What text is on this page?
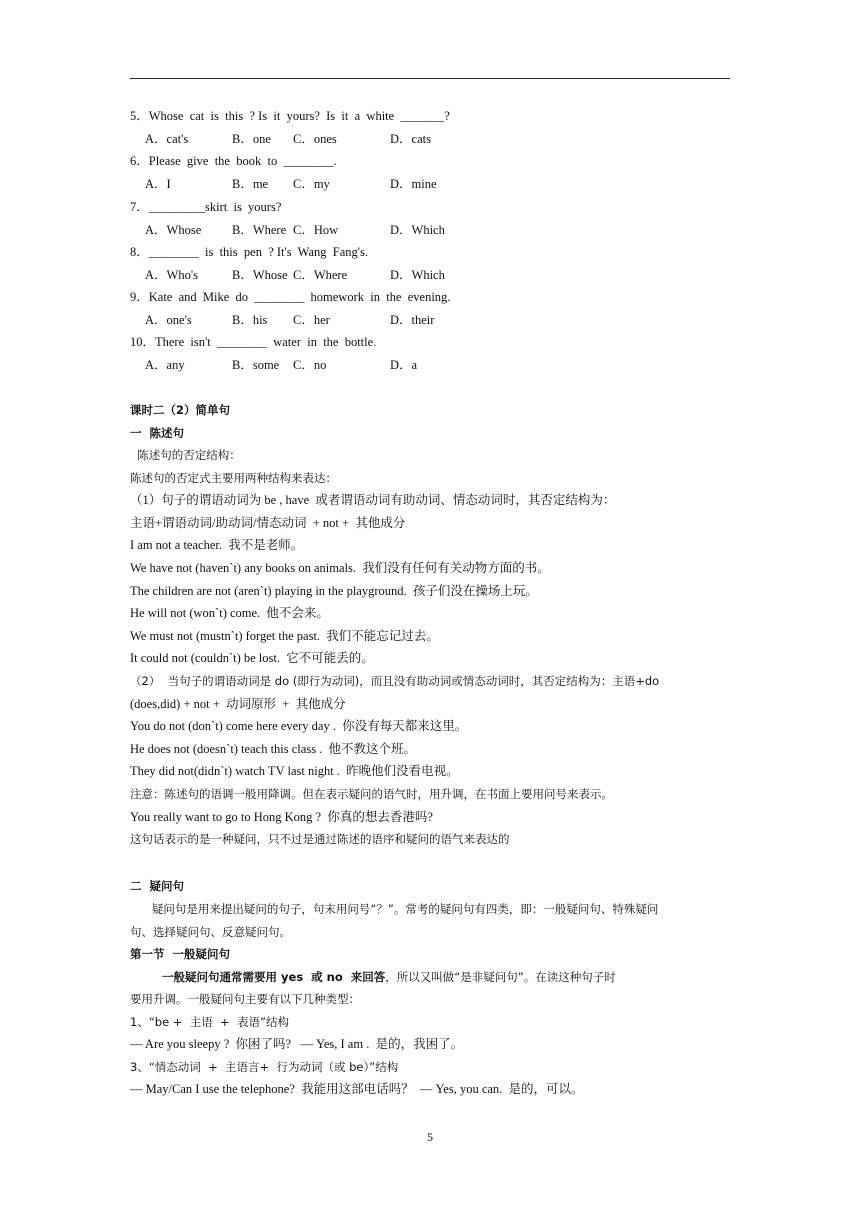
5．Whose  cat  is  this  ? Is  it  yours?  Is  it  a  white  _______?
A．cat's	B．one C．ones	D．cats
6．Please  give  the  book  to  ________.
A．I	B．me C．my	D．mine
7．_________skirt  is  yours?
A．Whose B．Where C．How	D．Which
8．________  is  this  pen  ? It's  Wang  Fang's.
A．Who's	B．Whose C．Where	D．Which
9．Kate  and  Mike  do  ________  homework  in  the  evening.
A．one's	B．his C．her	D．their
10．There  isn't  ________  water  in  the  bottle.
A．any	B．some C．no	D．a
课时二（2）简单句
一  陈述句
陈述句的否定结构：
陈述句的否定式主要用两种结构来表达：
（1）句子的谓语动词为 be , have  或者谓语动词有助动词、情态动词时，其否定结构为：
主语+谓语动词/助动词/情态动词  + not +  其他成分
I am not a teacher.  我不是老师。
We have not (haven`t) any books on animals.  我们没有任何有关动物方面的书。
The children are not (aren`t) playing in the playground.  孩子们没在操场上玩。
He will not (won`t) come.  他不会来。
We must not (mustn`t) forget the past.  我们不能忘记过去。
It could not (couldn`t) be lost.  它不可能丢的。
（2）  当句子的谓语动词是 do (即行为动词)，而且没有助动词或情态动词时，其否定结构为：主语+do
(does,did) + not +  动词原形  +  其他成分
You do not (don`t) come here every day .  你没有每天都来这里。
He does not (doesn`t) teach this class .  他不教这个班。
They did not(didn`t) watch TV last night .  昨晚他们没看电视。
注意：陈述句的语调一般用降调。但在表示疑问的语气时，用升调，在书面上要用问号来表示。
You really want to go to Hong Kong ?  你真的想去香港吗?
这句话表示的是一种疑问，只不过是通过陈述的语序和疑问的语气来表达的
二  疑问句
疑问句是用来提出疑问的句子，句末用问号“？”。常考的疑问句有四类，即：一般疑问句、特殊疑问
句、选择疑问句、反意疑问句。
第一节  一般疑问句
一般疑问句通常需要用 yes  或 no  来回答，所以又叫做“是非疑问句”。在读这种句子时
要用升调。一般疑问句主要有以下几种类型：
1、“be +  主语  +  表语”结构
— Are you sleepy ?  你困了吗?   — Yes, I am .  是的，我困了。
3、“情态动词  +  主语言+  行为动词（或 be）”结构
— May/Can I use the telephone?  我能用这部电话吗？  — Yes, you can.  是的，可以。
5
